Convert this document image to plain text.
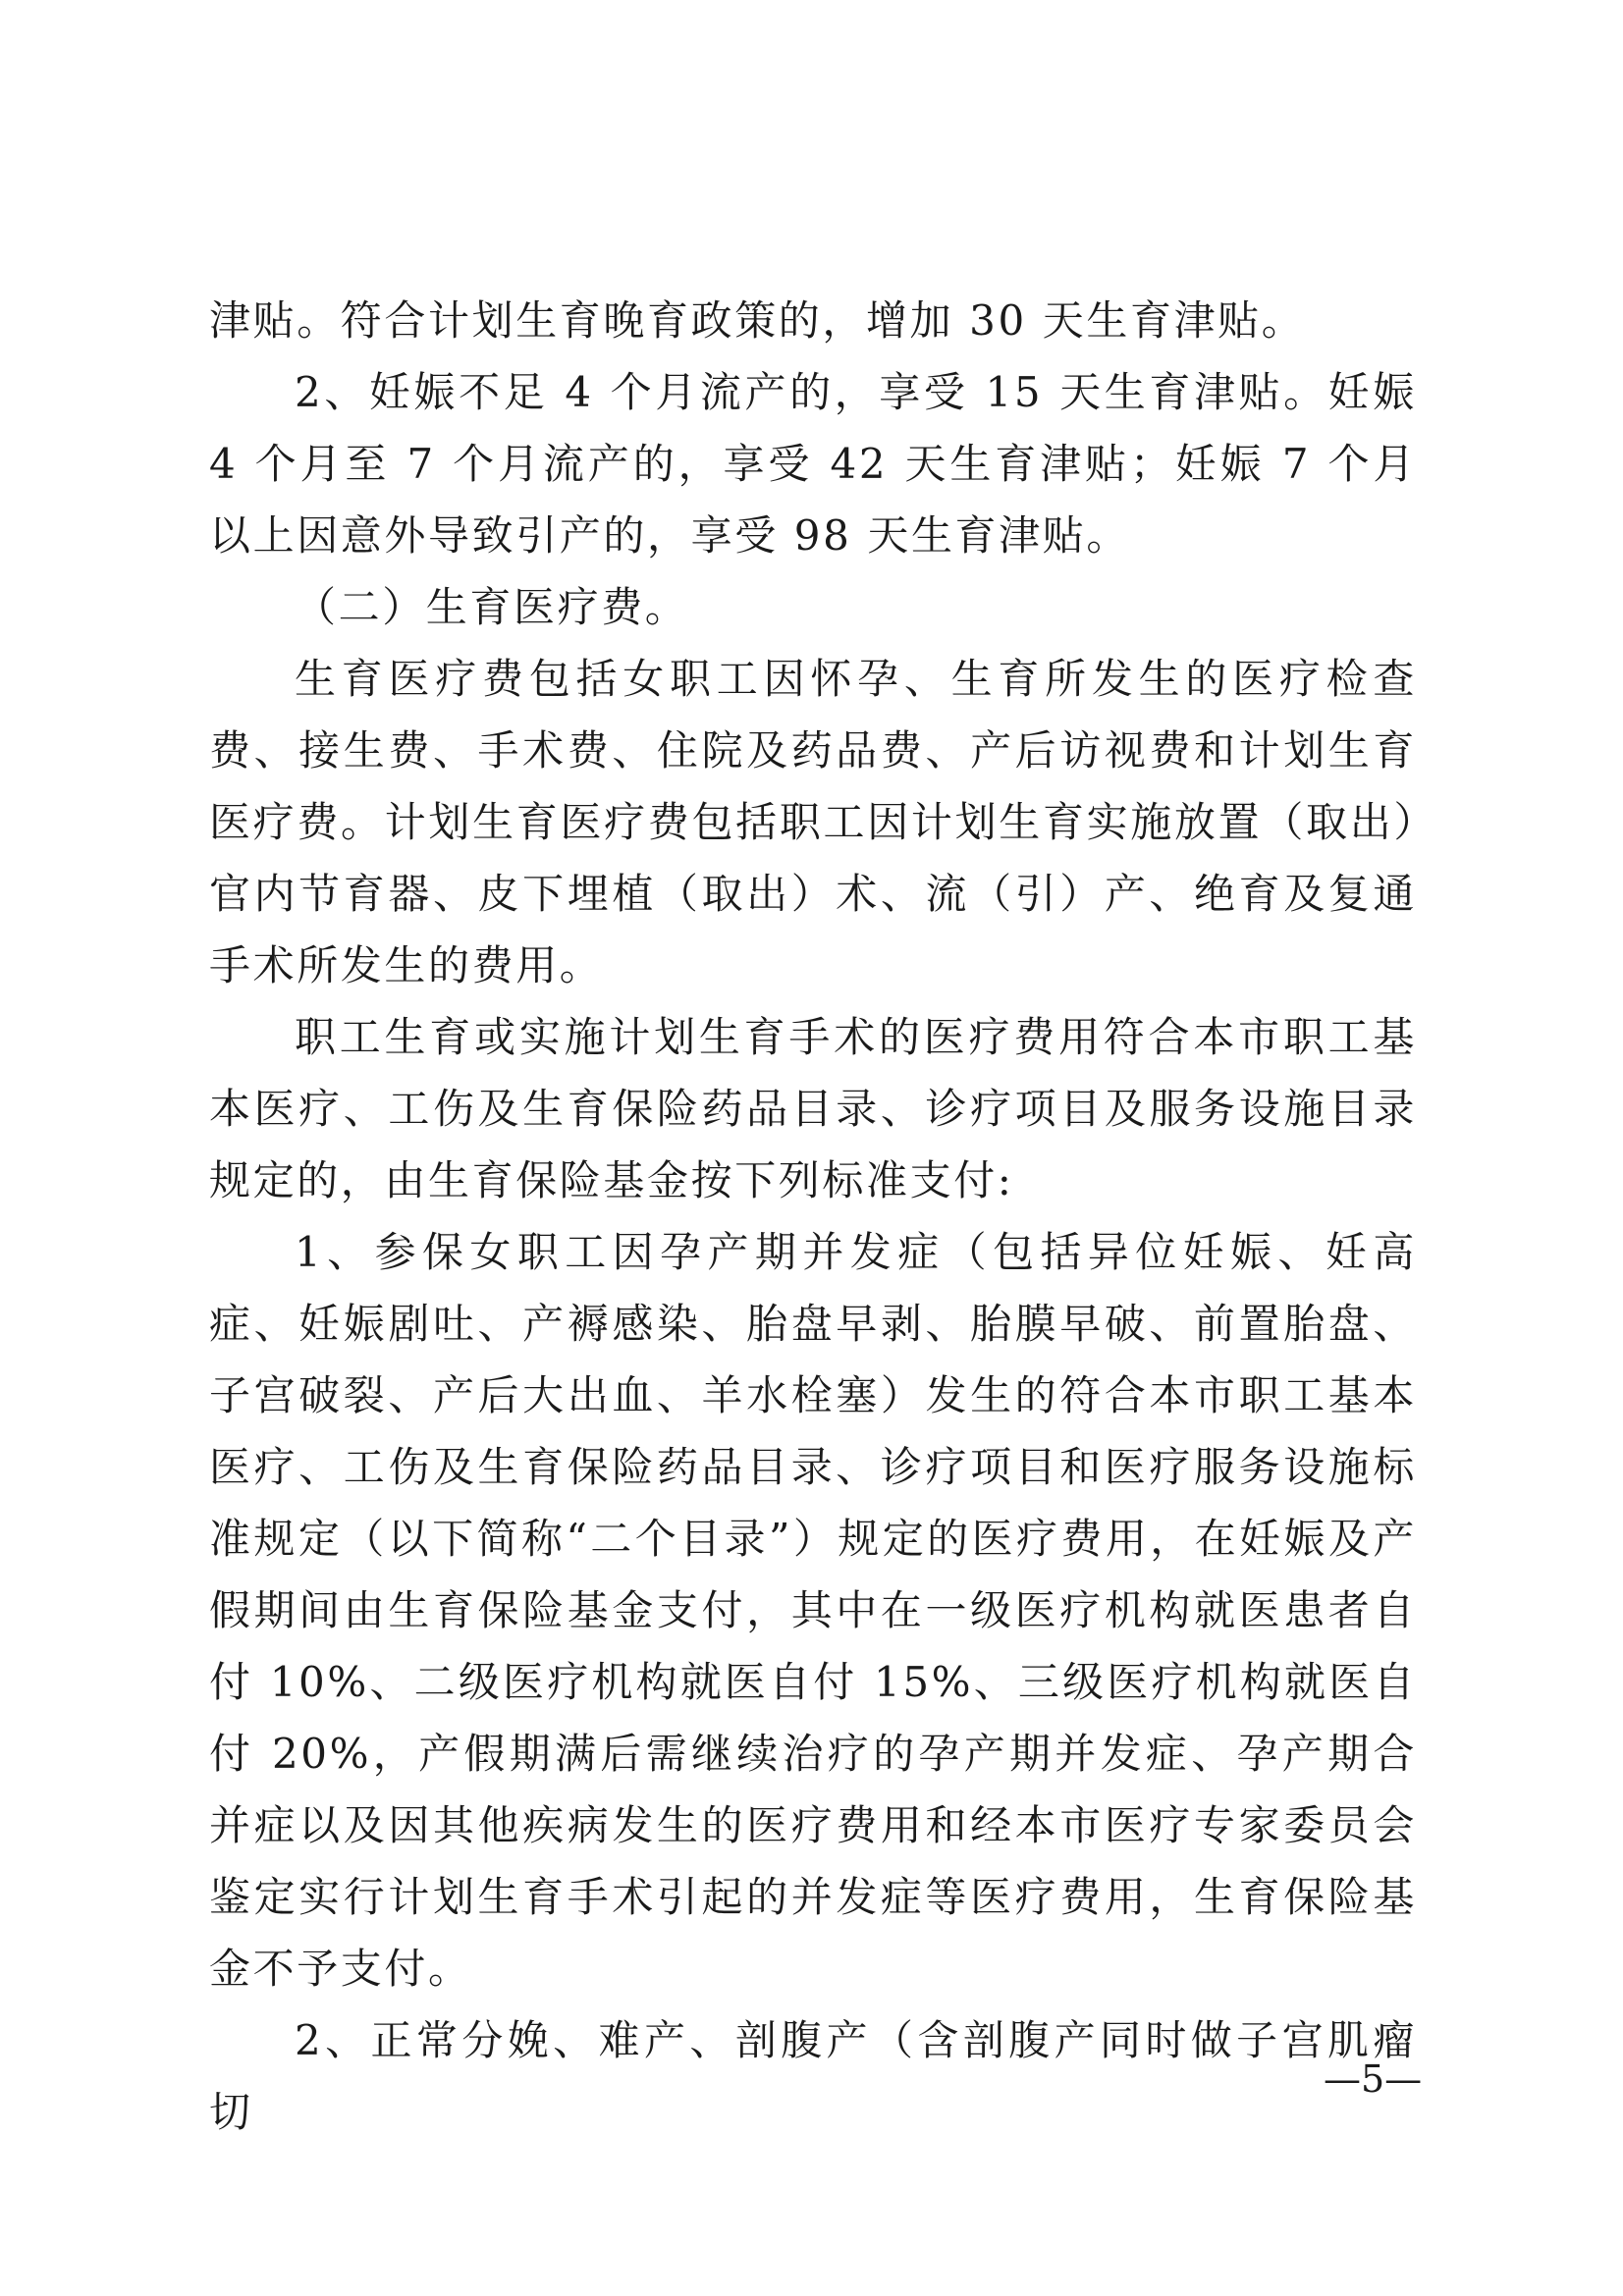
津贴。符合计划生育晚育政策的，增加 30 天生育津贴。

2、妊娠不足 4 个月流产的，享受 15 天生育津贴。妊娠 4 个月至 7 个月流产的，享受 42 天生育津贴；妊娠 7 个月以上因意外导致引产的，享受 98 天生育津贴。

（二）生育医疗费。

生育医疗费包括女职工因怀孕、生育所发生的医疗检查费、接生费、手术费、住院及药品费、产后访视费和计划生育医疗费。计划生育医疗费包括职工因计划生育实施放置（取出）官内节育器、皮下埋植（取出）术、流（引）产、绝育及复通手术所发生的费用。

职工生育或实施计划生育手术的医疗费用符合本市职工基本医疗、工伤及生育保险药品目录、诊疗项目及服务设施目录规定的，由生育保险基金按下列标准支付:

1、参保女职工因孕产期并发症（包括异位妊娠、妊高症、妊娠剧吐、产褥感染、胎盘早剥、胎膜早破、前置胎盘、子宫破裂、产后大出血、羊水栓塞）发生的符合本市职工基本医疗、工伤及生育保险药品目录、诊疗项目和医疗服务设施标准规定（以下简称“二个目录”）规定的医疗费用，在妊娠及产假期间由生育保险基金支付，其中在一级医疗机构就医患者自付 10%、二级医疗机构就医自付 15%、三级医疗机构就医自付 20%，产假期满后需继续治疗的孕产期并发症、孕产期合并症以及因其他疾病发生的医疗费用和经本市医疗专家委员会鉴定实行计划生育手术引起的并发症等医疗费用，生育保险基金不予支付。

2、正常分娩、难产、剖腹产（含剖腹产同时做子宫肌瘤切

—5—
